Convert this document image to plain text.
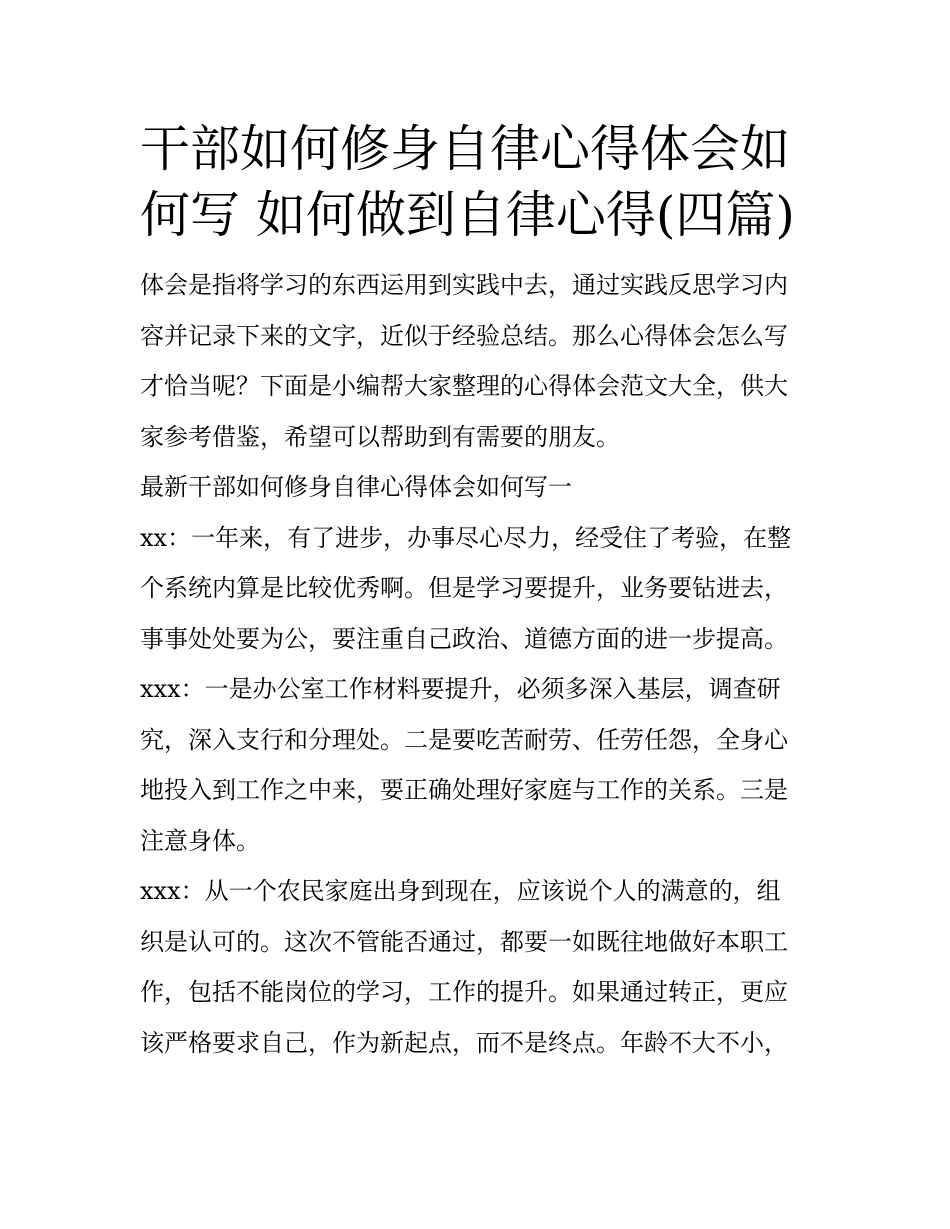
干部如何修身自律心得体会如
何写 如何做到自律心得(四篇)
体会是指将学习的东西运用到实践中去，通过实践反思学习内
容并记录下来的文字，近似于经验总结。那么心得体会怎么写
才恰当呢？下面是小编帮大家整理的心得体会范文大全，供大
家参考借鉴，希望可以帮助到有需要的朋友。
最新干部如何修身自律心得体会如何写一
xx：一年来，有了进步，办事尽心尽力，经受住了考验，在整
个系统内算是比较优秀啊。但是学习要提升，业务要钻进去，
事事处处要为公，要注重自己政治、道德方面的进一步提高。
xxx：一是办公室工作材料要提升，必须多深入基层，调查研
究，深入支行和分理处。二是要吃苦耐劳、任劳任怨，全身心
地投入到工作之中来，要正确处理好家庭与工作的关系。三是
注意身体。
xxx：从一个农民家庭出身到现在，应该说个人的满意的，组
织是认可的。这次不管能否通过，都要一如既往地做好本职工
作，包括不能岗位的学习，工作的提升。如果通过转正，更应
该严格要求自己，作为新起点，而不是终点。年龄不大不小，
